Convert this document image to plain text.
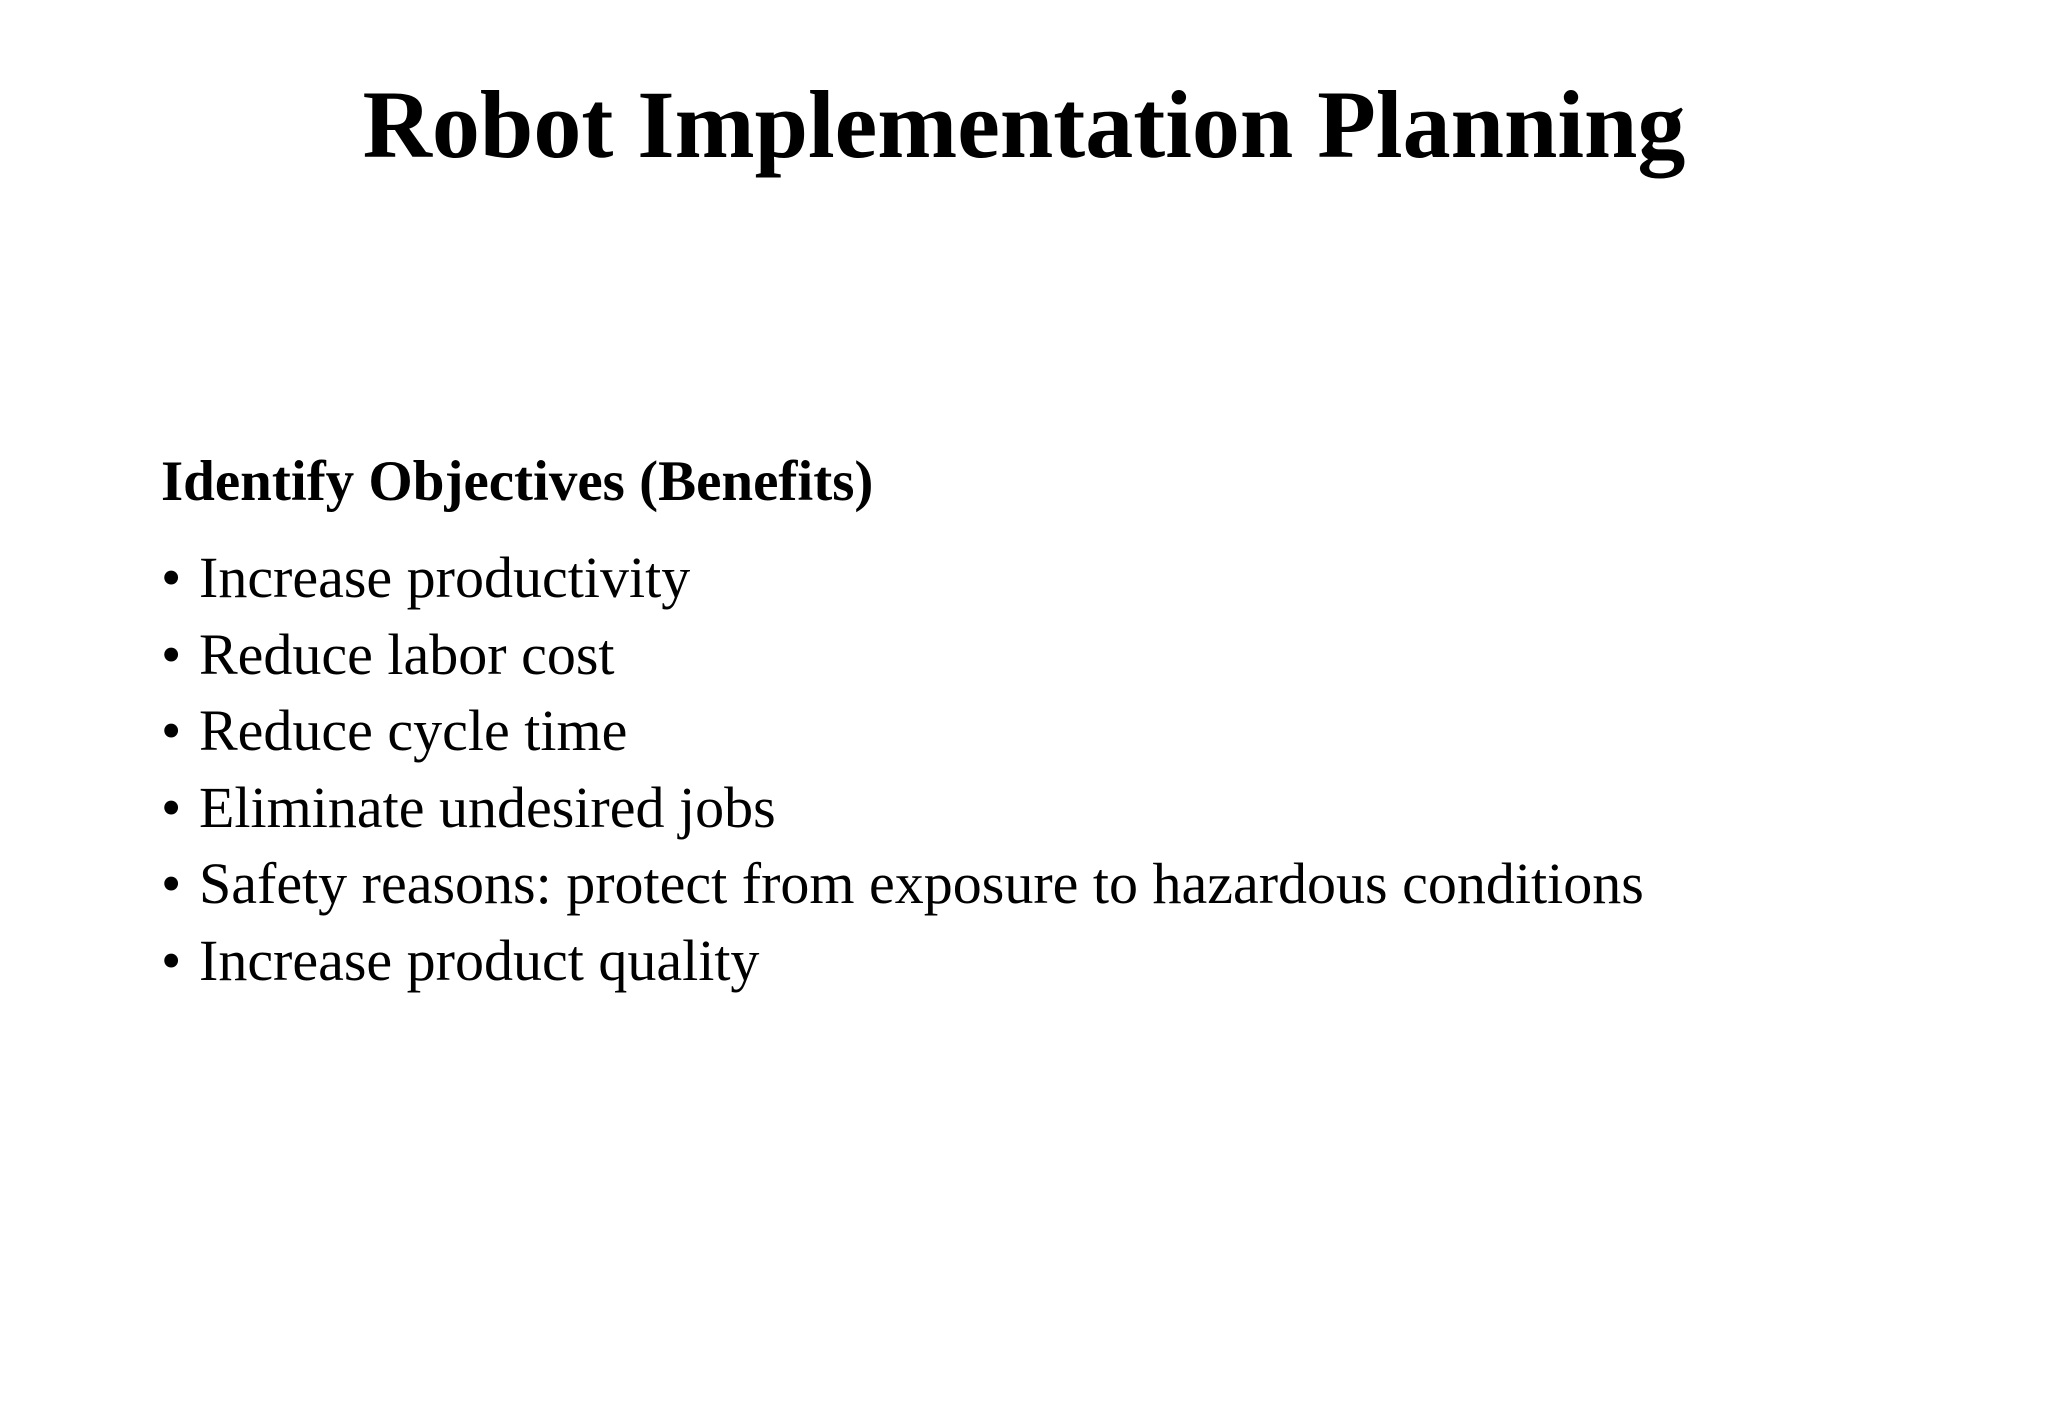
Robot Implementation Planning
Identify Objectives (Benefits)
• Increase productivity
• Reduce labor cost
• Reduce cycle time
• Eliminate undesired jobs
• Safety reasons: protect from exposure to hazardous conditions
• Increase product quality
